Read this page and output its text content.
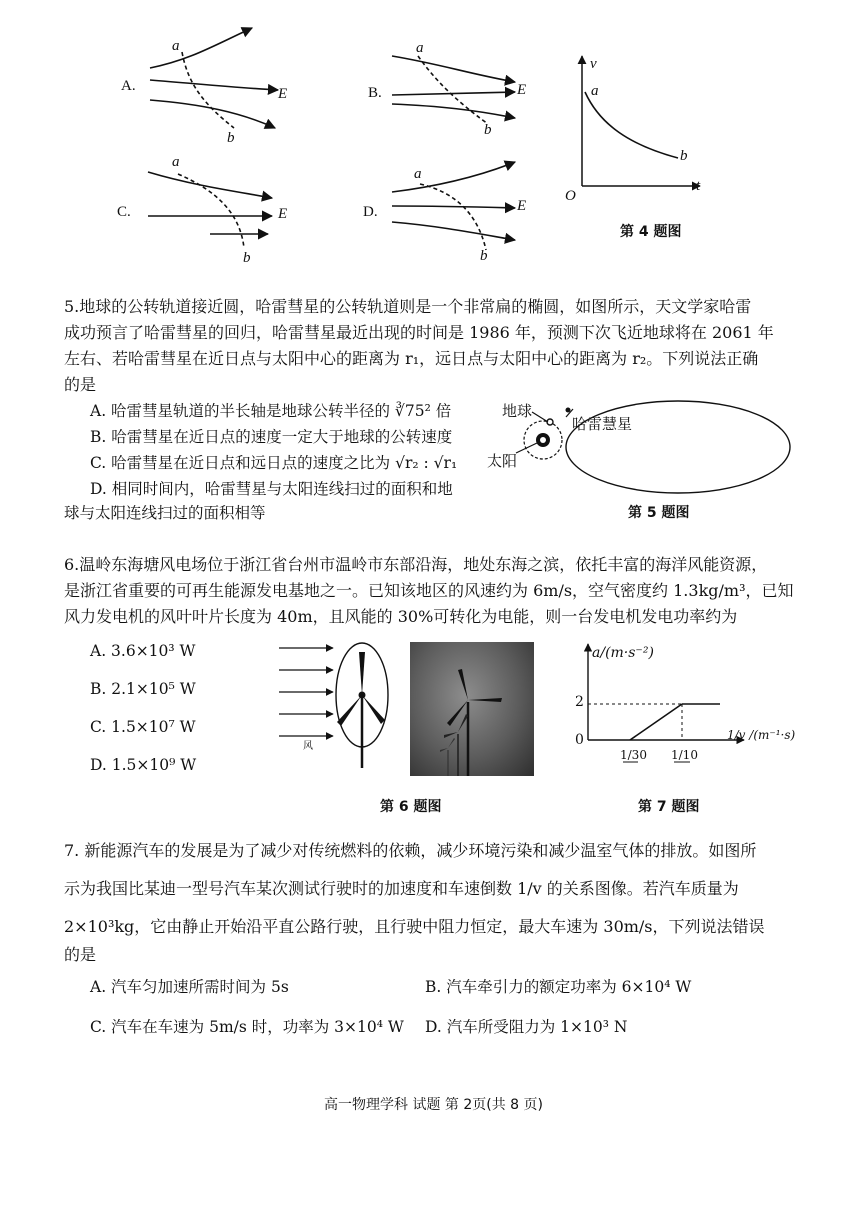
A.	B.
C.	D.
a
b
E
a
b
E
a
b
E
a
b
E
v
a
b
O
t
第 4 题图
5.地球的公转轨道接近圆，哈雷彗星的公转轨道则是一个非常扁的椭圆，如图所示，天文学家哈雷
成功预言了哈雷彗星的回归，哈雷彗星最近出现的时间是 1986 年，预测下次飞近地球将在 2061 年
左右、若哈雷彗星在近日点与太阳中心的距离为 r₁，远日点与太阳中心的距离为 r₂。下列说法正确
的是
A. 哈雷彗星轨道的半长轴是地球公转半径的 ∛75² 倍
B. 哈雷彗星在近日点的速度一定大于地球的公转速度
C. 哈雷彗星在近日点和远日点的速度之比为 √r₂ : √r₁
D. 相同时间内，哈雷彗星与太阳连线扫过的面积和地
球与太阳连线扫过的面积相等
地球
哈雷慧星
太阳
第 5 题图
6.温岭东海塘风电场位于浙江省台州市温岭市东部沿海，地处东海之滨，依托丰富的海洋风能资源，
是浙江省重要的可再生能源发电基地之一。已知该地区的风速约为 6m/s，空气密度约 1.3kg/m³，已知
风力发电机的风叶叶片长度为 40m，且风能的 30%可转化为电能，则一台发电机发电功率约为
A. 3.6×10³ W
B. 2.1×10⁵ W
C. 1.5×10⁷ W
D. 1.5×10⁹ W
风
第 6 题图
a/(m·s⁻²)
2
0
1/30 1/10
1/v /(m⁻¹·s)
第 7 题图
7. 新能源汽车的发展是为了减少对传统燃料的依赖，减少环境污染和减少温室气体的排放。如图所
示为我国比某迪一型号汽车某次测试行驶时的加速度和车速倒数 1/v 的关系图像。若汽车质量为
2×10³kg，它由静止开始沿平直公路行驶，且行驶中阻力恒定，最大车速为 30m/s，下列说法错误
的是
A. 汽车匀加速所需时间为 5s	B. 汽车牵引力的额定功率为 6×10⁴ W
C. 汽车在车速为 5m/s 时，功率为 3×10⁴ W D. 汽车所受阻力为 1×10³ N
高一物理学科 试题 第 2页(共 8 页)
